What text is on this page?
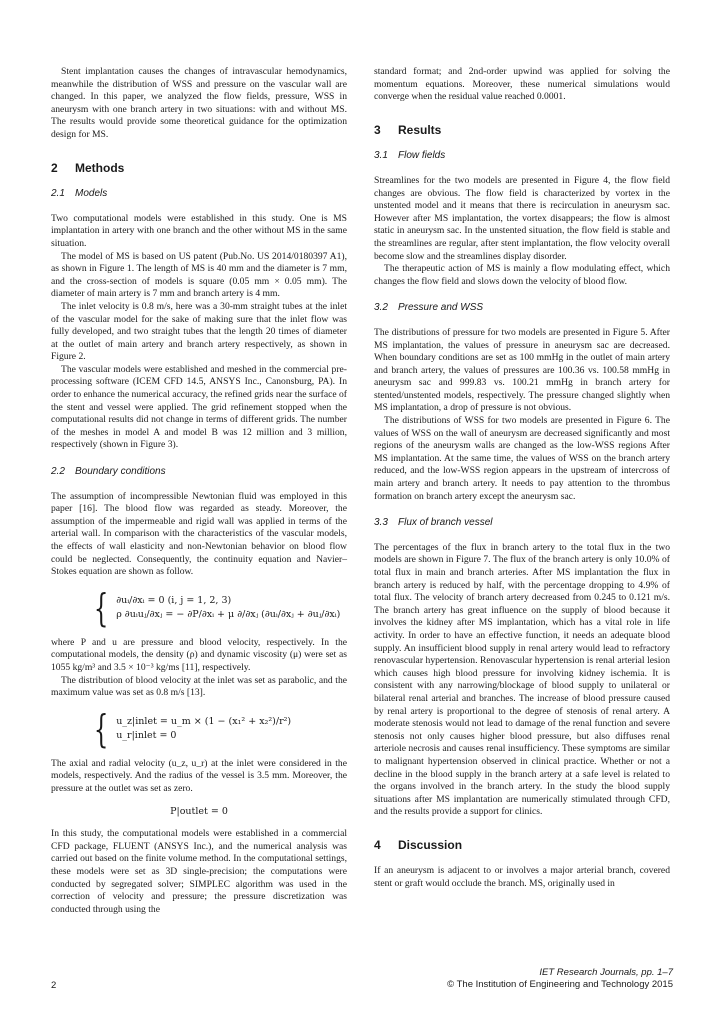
Stent implantation causes the changes of intravascular hemodynamics, meanwhile the distribution of WSS and pressure on the vascular wall are changed. In this paper, we analyzed the flow fields, pressure, WSS in aneurysm with one branch artery in two situations: with and without MS. The results would provide some theoretical guidance for the optimization design for MS.

2 Methods
2.1 Models

Two computational models were established in this study. One is MS implantation in artery with one branch and the other without MS in the same situation.

The model of MS is based on US patent (Pub.No. US 2014/0180397 A1), as shown in Figure 1. The length of MS is 40 mm and the diameter is 7 mm, and the cross-section of models is square (0.05 mm × 0.05 mm). The diameter of main artery is 7 mm and branch artery is 4 mm.

The inlet velocity is 0.8 m/s, here was a 30-mm straight tubes at the inlet of the vascular model for the sake of making sure that the inlet flow was fully developed, and two straight tubes that the length 20 times of diameter at the outlet of main artery and branch artery respectively, as shown in Figure 2.

The vascular models were established and meshed in the commercial pre-processing software (ICEM CFD 14.5, ANSYS Inc., Canonsburg, PA). In order to enhance the numerical accuracy, the refined grids near the surface of the stent and vessel were applied. The grid refinement stopped when the computational results did not change in terms of different grids. The number of the meshes in model A and model B was 12 million and 3 million, respectively (shown in Figure 3).

2.2 Boundary conditions

The assumption of incompressible Newtonian fluid was employed in this paper [16]. The blood flow was regarded as steady. Moreover, the assumption of the impermeable and rigid wall was applied in terms of the arterial wall. In comparison with the characteristics of the vascular models, the effects of wall elasticity and non-Newtonian behavior on blood flow could be neglected. Consequently, the continuity equation and Navier–Stokes equation are shown as follow.

{ ∂uᵢ/∂xᵢ = 0 (i, j = 1, 2, 3)
ρ ∂uᵢuⱼ/∂xⱼ = − ∂P/∂xᵢ + μ ∂/∂xⱼ (∂uᵢ/∂xⱼ + ∂uⱼ/∂xᵢ)

where P and u are pressure and blood velocity, respectively. In the computational models, the density (ρ) and dynamic viscosity (μ) were set as 1055 kg/m³ and 3.5 × 10⁻³ kg/ms [11], respectively.

The distribution of blood velocity at the inlet was set as parabolic, and the maximum value was set as 0.8 m/s [13].

{ u_z|inlet = u_m × (1 − (x₁² + x₂²)/r²)
u_r|inlet = 0

The axial and radial velocity (u_z, u_r) at the inlet were considered in the models, respectively. And the radius of the vessel is 3.5 mm. Moreover, the pressure at the outlet was set as zero.

P|outlet = 0

In this study, the computational models were established in a commercial CFD package, FLUENT (ANSYS Inc.), and the numerical analysis was carried out based on the finite volume method. In the computational settings, these models were set as 3D single-precision; the computations were conducted by segregated solver; SIMPLEC algorithm was used in the correction of velocity and pressure; the pressure discretization was conducted through using the

standard format; and 2nd-order upwind was applied for solving the momentum equations. Moreover, these numerical simulations would converge when the residual value reached 0.0001.

3 Results
3.1 Flow fields

Streamlines for the two models are presented in Figure 4, the flow field changes are obvious. The flow field is characterized by vortex in the unstented model and it means that there is recirculation in aneurysm sac. However after MS implantation, the vortex disappears; the flow is almost static in aneurysm sac. In the unstented situation, the flow field is stable and the streamlines are regular, after stent implantation, the flow velocity overall become slow and the streamlines display disorder.

The therapeutic action of MS is mainly a flow modulating effect, which changes the flow field and slows down the velocity of blood flow.

3.2 Pressure and WSS

The distributions of pressure for two models are presented in Figure 5. After MS implantation, the values of pressure in aneurysm sac are decreased. When boundary conditions are set as 100 mmHg in the outlet of main artery and branch artery, the values of pressures are 100.36 vs. 100.58 mmHg in aneurysm sac and 999.83 vs. 100.21 mmHg in branch artery for stented/unstented models, respectively. The pressure changed slightly when MS implantation, a drop of pressure is not obvious.

The distributions of WSS for two models are presented in Figure 6. The values of WSS on the wall of aneurysm are decreased significantly and most regions of the aneurysm walls are changed as the low-WSS regions After MS implantation. At the same time, the values of WSS on the branch artery reduced, and the low-WSS region appears in the upstream of intercross of main artery and branch artery. It needs to pay attention to the thrombus formation on branch artery except the aneurysm sac.

3.3 Flux of branch vessel

The percentages of the flux in branch artery to the total flux in the two models are shown in Figure 7. The flux of the branch artery is only 10.0% of total flux in main and branch arteries. After MS implantation the flux in branch artery is reduced by half, with the percentage dropping to 4.9% of total flux. The velocity of branch artery decreased from 0.245 to 0.121 m/s. The branch artery has great influence on the supply of blood because it involves the kidney after MS implantation, which has a vital role in life activity. In order to have an effective function, it needs an adequate blood supply. An insufficient blood supply in renal artery would lead to refractory renovascular hypertension. Renovascular hypertension is renal arterial lesion which causes high blood pressure for involving kidney ischemia. It is consistent with any narrowing/blockage of blood supply to unilateral or bilateral renal arterial and branches. The increase of blood pressure caused by renal artery is proportional to the degree of stenosis of renal artery. A moderate stenosis would not lead to damage of the renal function and severe stenosis not only causes higher blood pressure, but also diffuses renal arteriole necrosis and causes renal insufficiency. These symptoms are similar to malignant hypertension observed in clinical practice. Whether or not a decline in the blood supply in the branch artery at a safe level is related to the organs involved in the branch artery. In the study the blood supply situations after MS implantation are numerically stimulated through CFD, and the results provide a support for clinics.

4 Discussion

If an aneurysm is adjacent to or involves a major arterial branch, covered stent or graft would occlude the branch. MS, originally used in

IET Research Journals, pp. 1–7
© The Institution of Engineering and Technology 2015
2
